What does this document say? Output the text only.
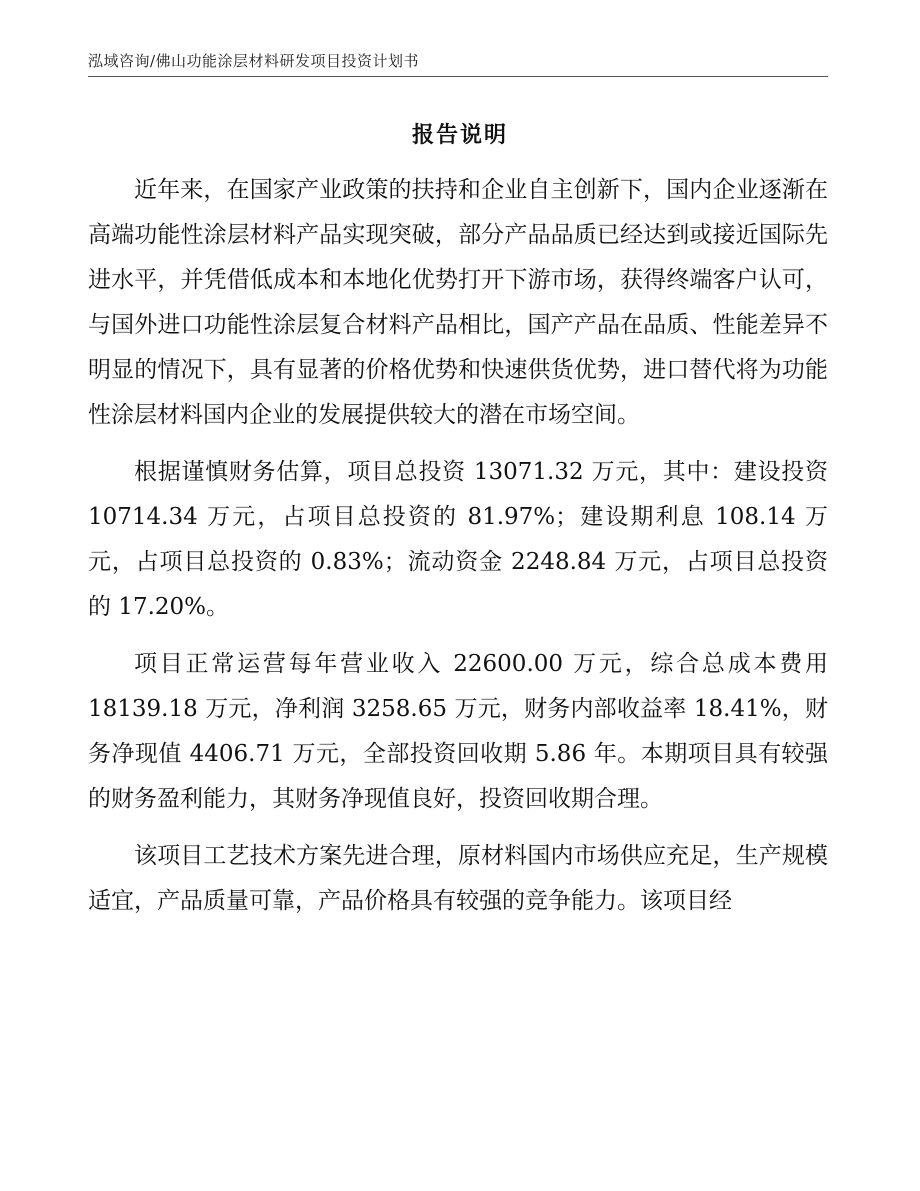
泓域咨询/佛山功能涂层材料研发项目投资计划书
报告说明

近年来，在国家产业政策的扶持和企业自主创新下，国内企业逐渐在高端功能性涂层材料产品实现突破，部分产品品质已经达到或接近国际先进水平，并凭借低成本和本地化优势打开下游市场，获得终端客户认可，与国外进口功能性涂层复合材料产品相比，国产产品在品质、性能差异不明显的情况下，具有显著的价格优势和快速供货优势，进口替代将为功能性涂层材料国内企业的发展提供较大的潜在市场空间。

根据谨慎财务估算，项目总投资 13071.32 万元，其中：建设投资 10714.34 万元，占项目总投资的 81.97%；建设期利息 108.14 万元，占项目总投资的 0.83%；流动资金 2248.84 万元，占项目总投资的 17.20%。

项目正常运营每年营业收入 22600.00 万元，综合总成本费用 18139.18 万元，净利润 3258.65 万元，财务内部收益率 18.41%，财务净现值 4406.71 万元，全部投资回收期 5.86 年。本期项目具有较强的财务盈利能力，其财务净现值良好，投资回收期合理。

该项目工艺技术方案先进合理，原材料国内市场供应充足，生产规模适宜，产品质量可靠，产品价格具有较强的竞争能力。该项目经
